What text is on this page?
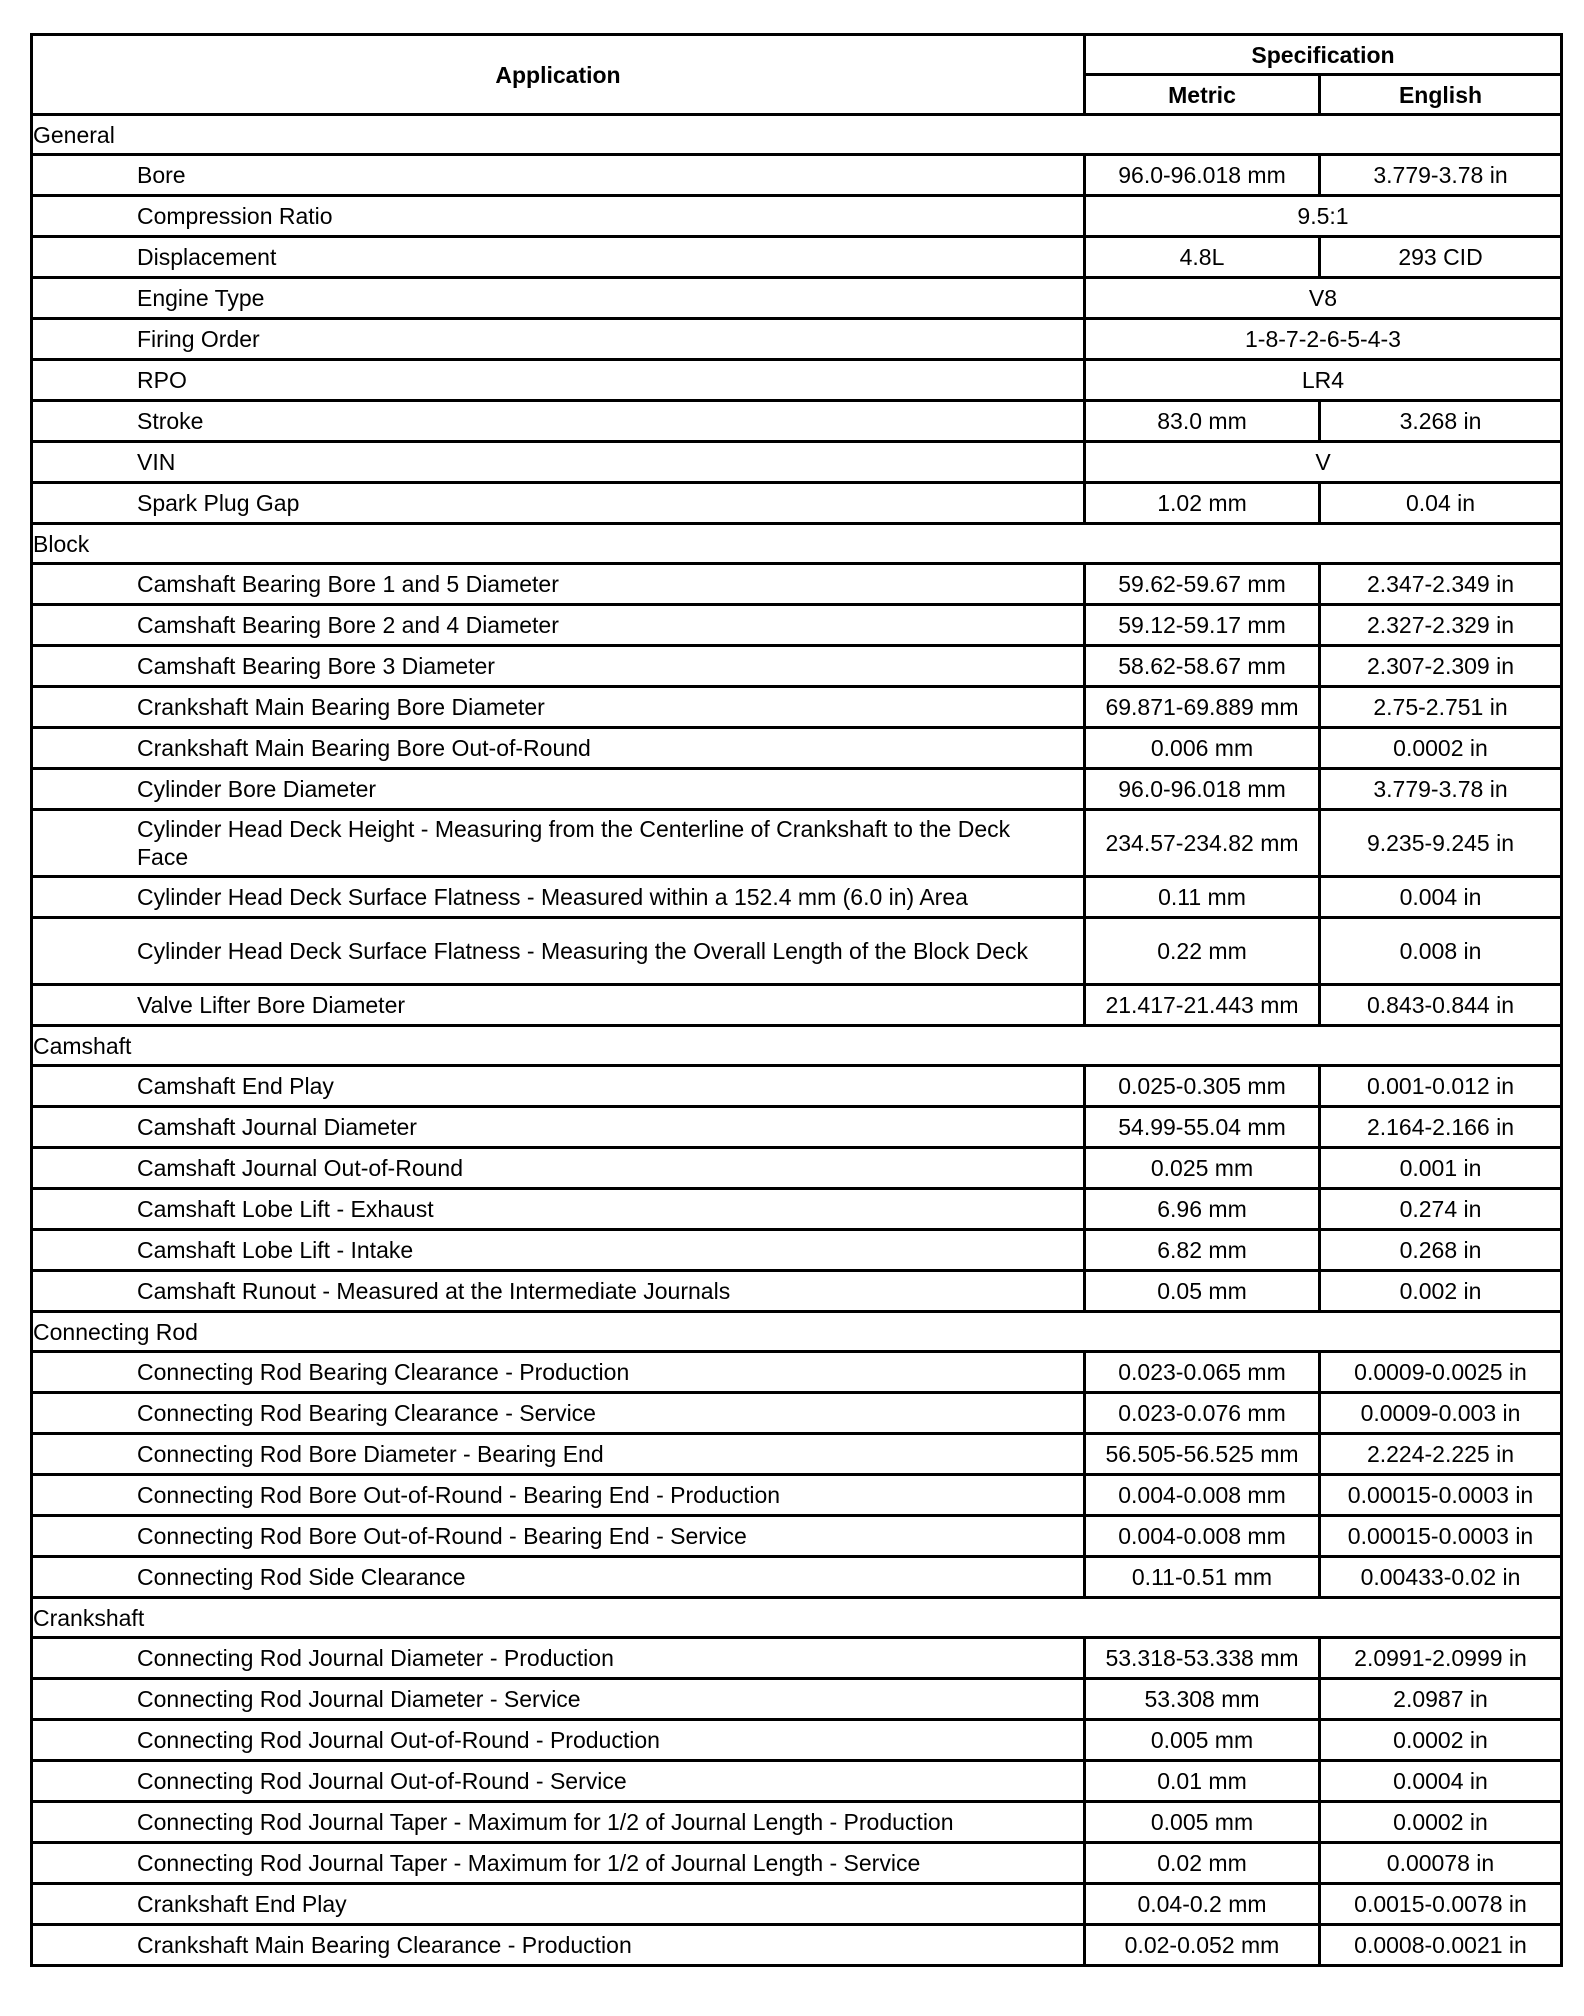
Application	Specification	
	Metric	English
General		
Bore	96.0-96.018 mm	3.779-3.78 in
Compression Ratio	9.5:1	
Displacement	4.8L	293 CID
Engine Type	V8	
Firing Order	1-8-7-2-6-5-4-3	
RPO	LR4	
Stroke	83.0 mm	3.268 in
VIN	V	
Spark Plug Gap	1.02 mm	0.04 in
Block		
Camshaft Bearing Bore 1 and 5 Diameter	59.62-59.67 mm	2.347-2.349 in
Camshaft Bearing Bore 2 and 4 Diameter	59.12-59.17 mm	2.327-2.329 in
Camshaft Bearing Bore 3 Diameter	58.62-58.67 mm	2.307-2.309 in
Crankshaft Main Bearing Bore Diameter	69.871-69.889 mm	2.75-2.751 in
Crankshaft Main Bearing Bore Out-of-Round	0.006 mm	0.0002 in
Cylinder Bore Diameter	96.0-96.018 mm	3.779-3.78 in
Cylinder Head Deck Height - Measuring from the Centerline of Crankshaft to the Deck Face	234.57-234.82 mm	9.235-9.245 in
Cylinder Head Deck Surface Flatness - Measured within a 152.4 mm (6.0 in) Area	0.11 mm	0.004 in
Cylinder Head Deck Surface Flatness - Measuring the Overall Length of the Block Deck	0.22 mm	0.008 in
Valve Lifter Bore Diameter	21.417-21.443 mm	0.843-0.844 in
Camshaft		
Camshaft End Play	0.025-0.305 mm	0.001-0.012 in
Camshaft Journal Diameter	54.99-55.04 mm	2.164-2.166 in
Camshaft Journal Out-of-Round	0.025 mm	0.001 in
Camshaft Lobe Lift - Exhaust	6.96 mm	0.274 in
Camshaft Lobe Lift - Intake	6.82 mm	0.268 in
Camshaft Runout - Measured at the Intermediate Journals	0.05 mm	0.002 in
Connecting Rod		
Connecting Rod Bearing Clearance - Production	0.023-0.065 mm	0.0009-0.0025 in
Connecting Rod Bearing Clearance - Service	0.023-0.076 mm	0.0009-0.003 in
Connecting Rod Bore Diameter - Bearing End	56.505-56.525 mm	2.224-2.225 in
Connecting Rod Bore Out-of-Round - Bearing End - Production	0.004-0.008 mm	0.00015-0.0003 in
Connecting Rod Bore Out-of-Round - Bearing End - Service	0.004-0.008 mm	0.00015-0.0003 in
Connecting Rod Side Clearance	0.11-0.51 mm	0.00433-0.02 in
Crankshaft		
Connecting Rod Journal Diameter - Production	53.318-53.338 mm	2.0991-2.0999 in
Connecting Rod Journal Diameter - Service	53.308 mm	2.0987 in
Connecting Rod Journal Out-of-Round - Production	0.005 mm	0.0002 in
Connecting Rod Journal Out-of-Round - Service	0.01 mm	0.0004 in
Connecting Rod Journal Taper - Maximum for 1/2 of Journal Length - Production	0.005 mm	0.0002 in
Connecting Rod Journal Taper - Maximum for 1/2 of Journal Length - Service	0.02 mm	0.00078 in
Crankshaft End Play	0.04-0.2 mm	0.0015-0.0078 in
Crankshaft Main Bearing Clearance - Production	0.02-0.052 mm	0.0008-0.0021 in
